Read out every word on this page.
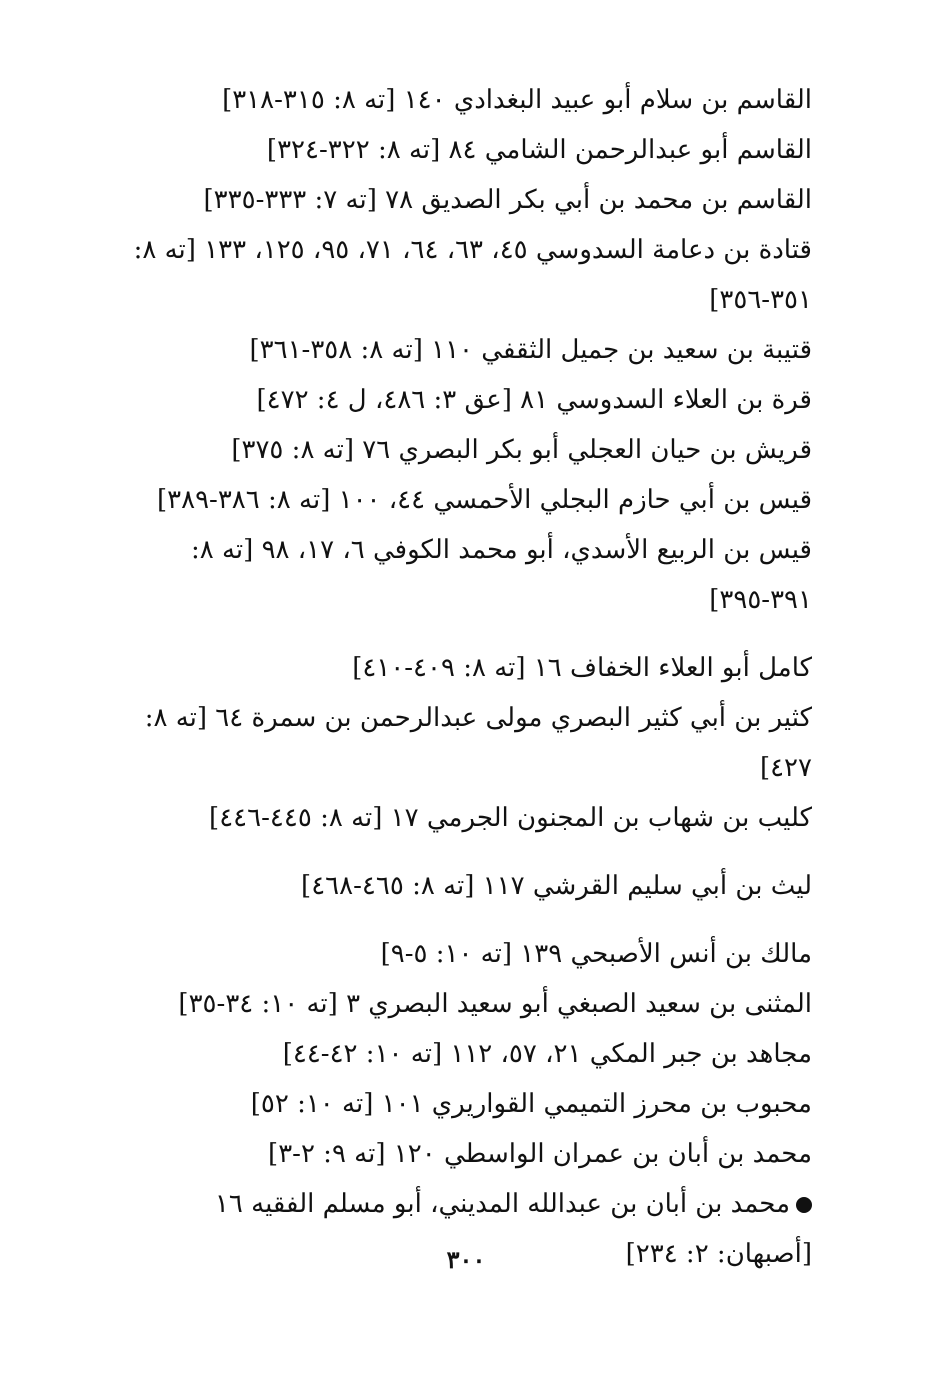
القاسم بن سلام أبو عبيد البغدادي ١٤٠ [ته ٨: ٣١٥-٣١٨]

القاسم أبو عبدالرحمن الشامي ٨٤ [ته ٨: ٣٢٢-٣٢٤]

القاسم بن محمد بن أبي بكر الصديق ٧٨ [ته ٧: ٣٣٣-٣٣٥]

قتادة بن دعامة السدوسي ٤٥، ٦٣، ٦٤، ٧١، ٩٥، ١٢٥، ١٣٣ [ته ٨: ٣٥١-٣٥٦]

قتيبة بن سعيد بن جميل الثقفي ١١٠ [ته ٨: ٣٥٨-٣٦١]

قرة بن العلاء السدوسي ٨١ [عق ٣: ٤٨٦، ل ٤: ٤٧٢]

قريش بن حيان العجلي أبو بكر البصري ٧٦ [ته ٨: ٣٧٥]

قيس بن أبي حازم البجلي الأحمسي ٤٤، ١٠٠ [ته ٨: ٣٨٦-٣٨٩]

قيس بن الربيع الأسدي، أبو محمد الكوفي ٦، ١٧، ٩٨ [ته ٨: ٣٩١-٣٩٥]

كامل أبو العلاء الخفاف ١٦ [ته ٨: ٤٠٩-٤١٠]

كثير بن أبي كثير البصري مولى عبدالرحمن بن سمرة ٦٤ [ته ٨: ٤٢٧]

كليب بن شهاب بن المجنون الجرمي ١٧ [ته ٨: ٤٤٥-٤٤٦]

ليث بن أبي سليم القرشي ١١٧ [ته ٨: ٤٦٥-٤٦٨]

مالك بن أنس الأصبحي ١٣٩ [ته ١٠: ٥-٩]

المثنى بن سعيد الصبغي أبو سعيد البصري ٣ [ته ١٠: ٣٤-٣٥]

مجاهد بن جبر المكي ٢١، ٥٧، ١١٢ [ته ١٠: ٤٢-٤٤]

محبوب بن محرز التميمي القواريري ١٠١ [ته ١٠: ٥٢]

محمد بن أبان بن عمران الواسطي ١٢٠ [ته ٩: ٢-٣]

محمد بن أبان بن عبدالله المديني، أبو مسلم الفقيه ١٦ [أصبهان: ٢: ٢٣٤]

٣٠٠
